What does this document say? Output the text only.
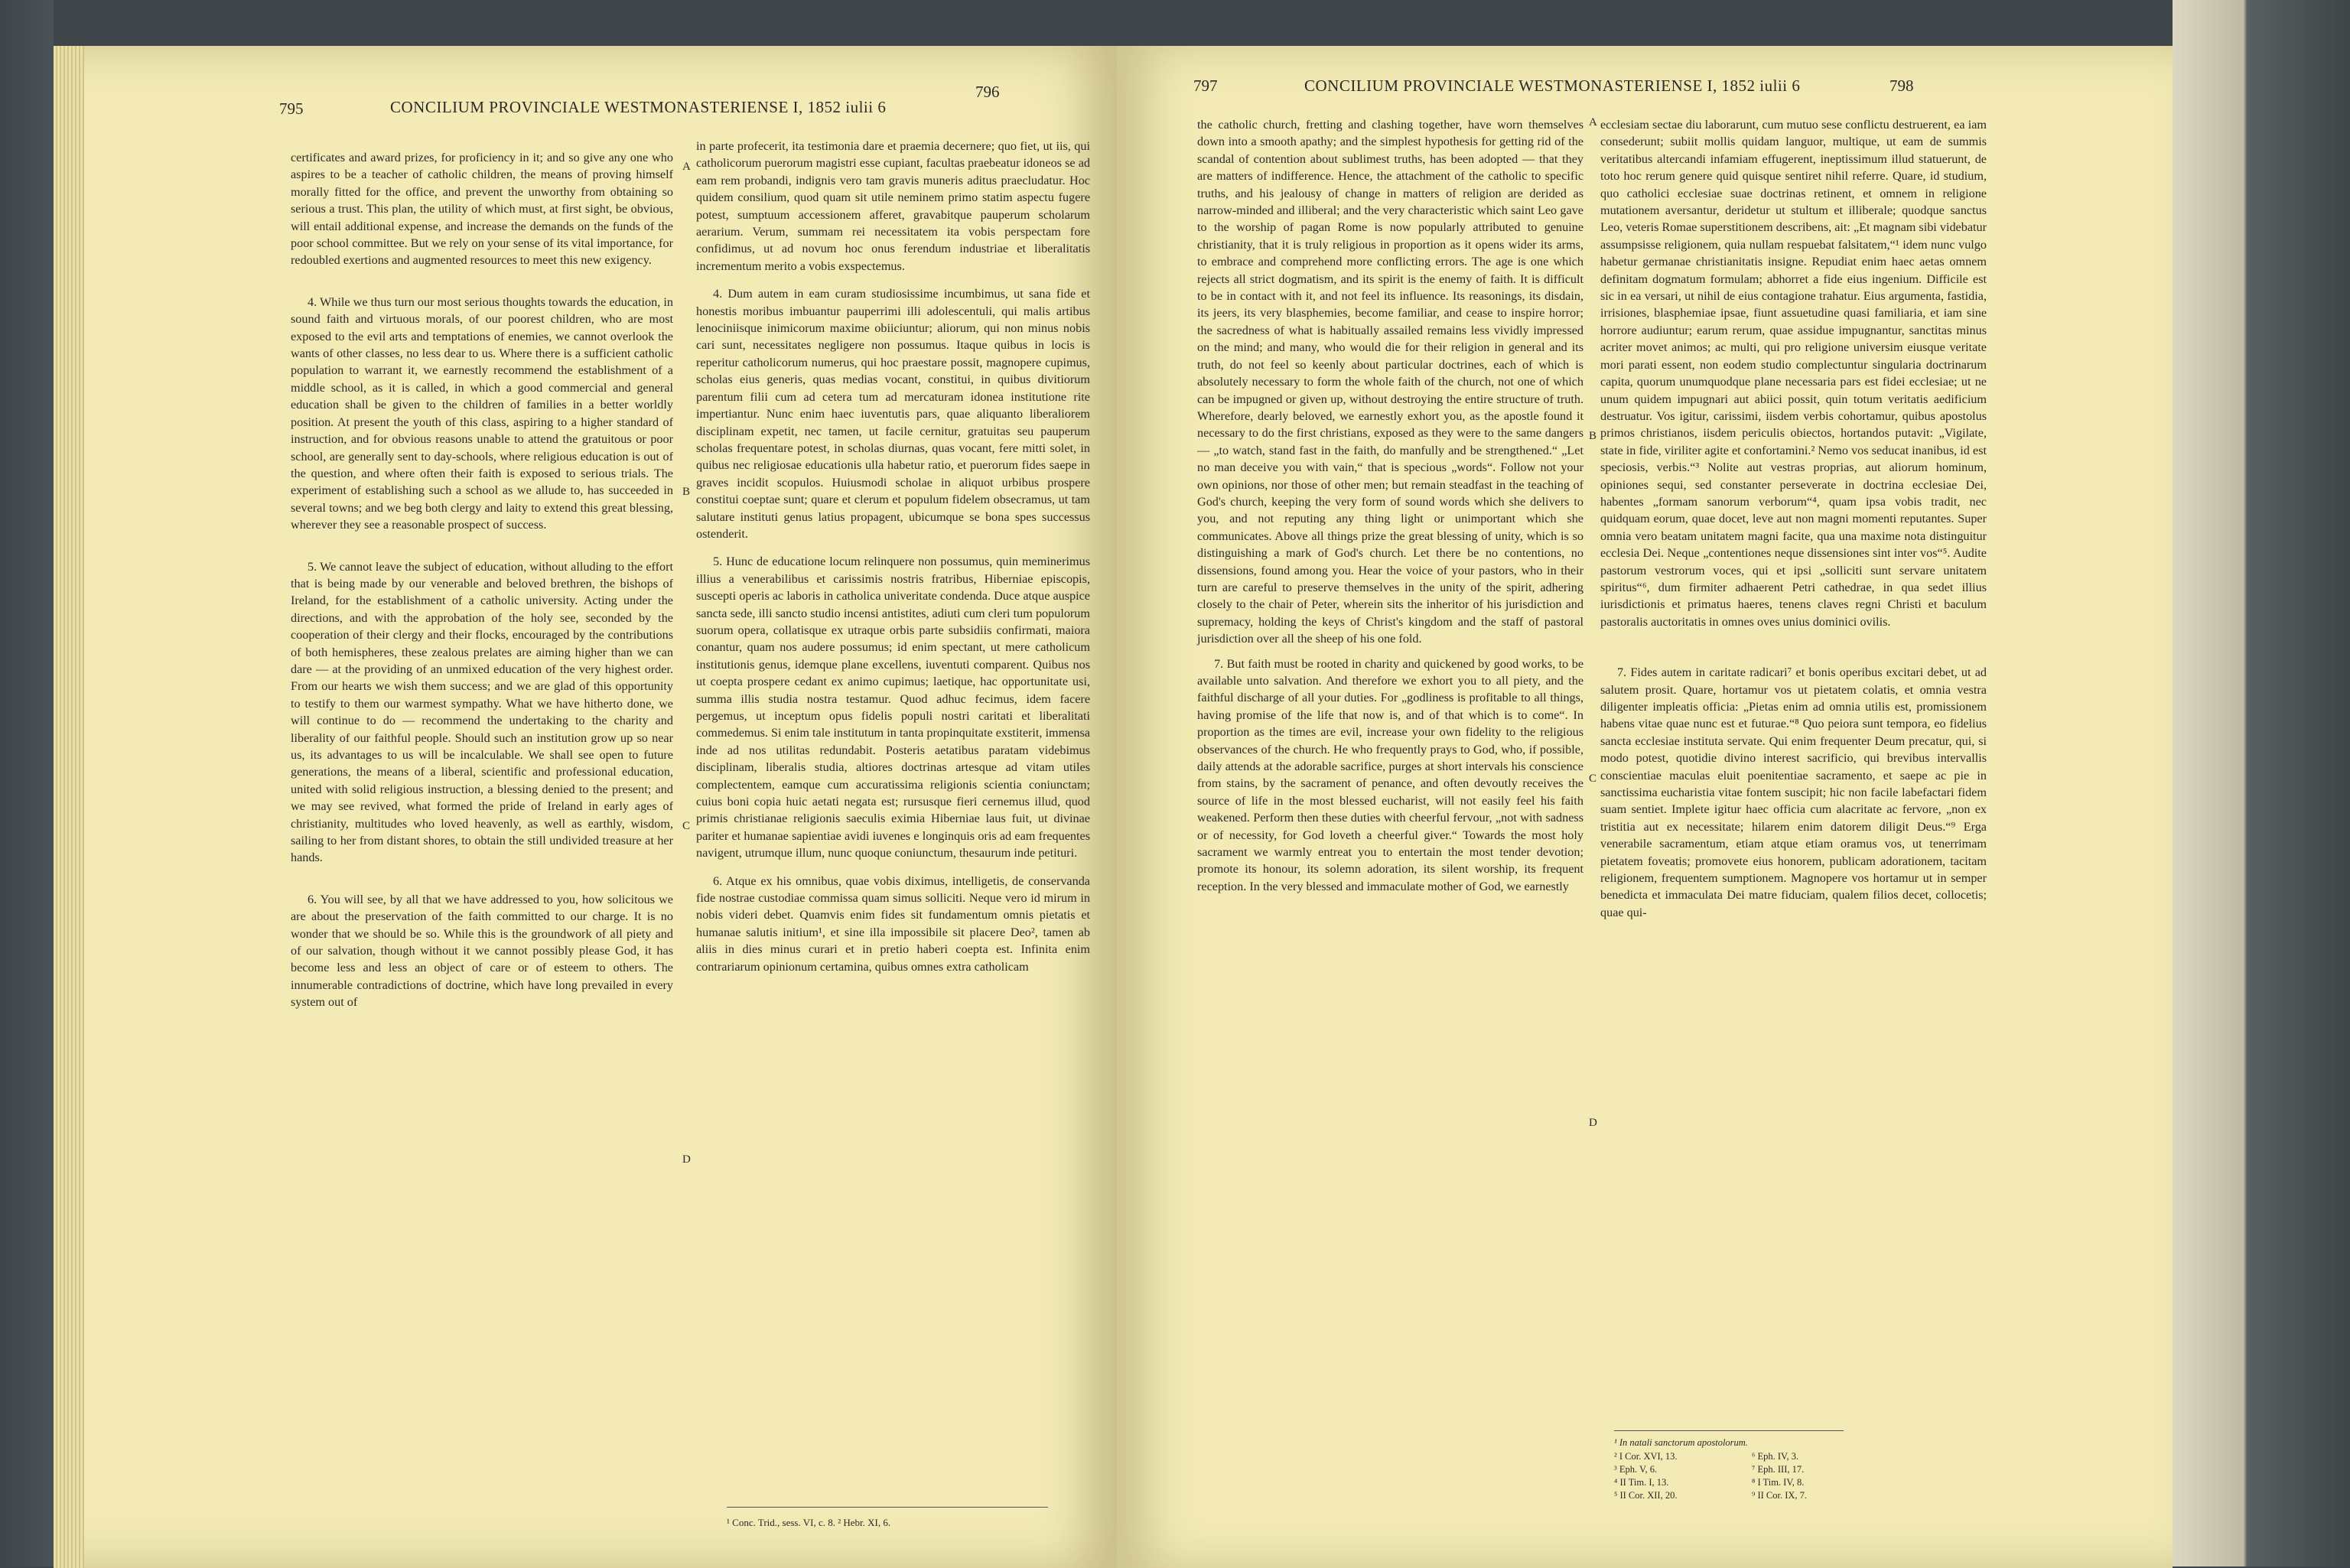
795	CONCILIUM PROVINCIALE WESTMONASTERIENSE I, 1852 iulii 6
796

certificates and award prizes, for proficiency in it; and so give any one who aspires to be a teacher of catholic children, the means of proving himself morally fitted for the office, and prevent the unworthy from obtaining so serious a trust. This plan, the utility of which must, at first sight, be obvious, will entail additional expense, and increase the demands on the funds of the poor school committee. But we rely on your sense of its vital importance, for redoubled exertions and augmented resources to meet this new exigency.

4. While we thus turn our most serious thoughts towards the education, in sound faith and virtuous morals, of our poorest children, who are most exposed to the evil arts and temptations of enemies, we cannot overlook the wants of other classes, no less dear to us. Where there is a sufficient catholic population to warrant it, we earnestly recommend the establishment of a middle school, as it is called, in which a good commercial and general education shall be given to the children of families in a better worldly position. At present the youth of this class, aspiring to a higher standard of instruction, and for obvious reasons unable to attend the gratuitous or poor school, are generally sent to day-schools, where religious education is out of the question, and where often their faith is exposed to serious trials. The experiment of establishing such a school as we allude to, has succeeded in several towns; and we beg both clergy and laity to extend this great blessing, wherever they see a reasonable prospect of success.

5. We cannot leave the subject of education, without alluding to the effort that is being made by our venerable and beloved brethren, the bishops of Ireland, for the establishment of a catholic university. Acting under the directions, and with the approbation of the holy see, seconded by the cooperation of their clergy and their flocks, encouraged by the contributions of both hemispheres, these zealous prelates are aiming higher than we can dare — at the providing of an unmixed education of the very highest order. From our hearts we wish them success; and we are glad of this opportunity to testify to them our warmest sympathy. What we have hitherto done, we will continue to do — recommend the undertaking to the charity and liberality of our faithful people. Should such an institution grow up so near us, its advantages to us will be incalculable. We shall see open to future generations, the means of a liberal, scientific and professional education, united with solid religious instruction, a blessing denied to the present; and we may see revived, what formed the pride of Ireland in early ages of christianity, multitudes who loved heavenly, as well as earthly, wisdom, sailing to her from distant shores, to obtain the still undivided treasure at her hands.

6. You will see, by all that we have addressed to you, how solicitous we are about the preservation of the faith committed to our charge. It is no wonder that we should be so. While this is the groundwork of all piety and of our salvation, though without it we cannot possibly please God, it has become less and less an object of care or of esteem to others. The innumerable contradictions of doctrine, which have long prevailed in every system out of

A
B
C
D

in parte profecerit, ita testimonia dare et praemia decernere; quo fiet, ut iis, qui catholicorum puerorum magistri esse cupiant, facultas praebeatur idoneos se ad eam rem probandi, indignis vero tam gravis muneris aditus praecludatur. Hoc quidem consilium, quod quam sit utile neminem primo statim aspectu fugere potest, sumptuum accessionem afferet, gravabitque pauperum scholarum aerarium. Verum, summam rei necessitatem ita vobis perspectam fore confidimus, ut ad novum hoc onus ferendum industriae et liberalitatis incrementum merito a vobis exspectemus.

4. Dum autem in eam curam studiosissime incumbimus, ut sana fide et honestis moribus imbuantur pauperrimi illi adolescentuli, qui malis artibus lenociniisque inimicorum maxime obiiciuntur; aliorum, qui non minus nobis cari sunt, necessitates negligere non possumus. Itaque quibus in locis is reperitur catholicorum numerus, qui hoc praestare possit, magnopere cupimus, scholas eius generis, quas medias vocant, constitui, in quibus divitiorum parentum filii cum ad cetera tum ad mercaturam idonea institutione rite impertiantur. Nunc enim haec iuventutis pars, quae aliquanto liberaliorem disciplinam expetit, nec tamen, ut facile cernitur, gratuitas seu pauperum scholas frequentare potest, in scholas diurnas, quas vocant, fere mitti solet, in quibus nec religiosae educationis ulla habetur ratio, et puerorum fides saepe in graves incidit scopulos. Huiusmodi scholae in aliquot urbibus prospere constitui coeptae sunt; quare et clerum et populum fidelem obsecramus, ut tam salutare instituti genus latius propagent, ubicumque se bona spes successus ostenderit.

5. Hunc de educatione locum relinquere non possumus, quin meminerimus illius a venerabilibus et carissimis nostris fratribus, Hiberniae episcopis, suscepti operis ac laboris in catholica univeritate condenda. Duce atque auspice sancta sede, illi sancto studio incensi antistites, adiuti cum cleri tum populorum suorum opera, collatisque ex utraque orbis parte subsidiis confirmati, maiora conantur, quam nos audere possumus; id enim spectant, ut mere catholicum institutionis genus, idemque plane excellens, iuventuti comparent. Quibus nos ut coepta prospere cedant ex animo cupimus; laetique, hac opportunitate usi, summa illis studia nostra testamur. Quod adhuc fecimus, idem facere pergemus, ut inceptum opus fidelis populi nostri caritati et liberalitati commedemus. Si enim tale institutum in tanta propinquitate exstiterit, immensa inde ad nos utilitas redundabit. Posteris aetatibus paratam videbimus disciplinam, liberalis studia, altiores doctrinas artesque ad vitam utiles complectentem, eamque cum accuratissima religionis scientia coniunctam; cuius boni copia huic aetati negata est; rursusque fieri cernemus illud, quod primis christianae religionis saeculis eximia Hiberniae laus fuit, ut divinae pariter et humanae sapientiae avidi iuvenes e longinquis oris ad eam frequentes navigent, utrumque illum, nunc quoque coniunctum, thesaurum inde petituri.

6. Atque ex his omnibus, quae vobis diximus, intelligetis, de conservanda fide nostrae custodiae commissa quam simus solliciti. Neque vero id mirum in nobis videri debet. Quamvis enim fides sit fundamentum omnis pietatis et humanae salutis initium¹, et sine illa impossibile sit placere Deo², tamen ab aliis in dies minus curari et in pretio haberi coepta est. Infinita enim contrariarum opinionum certamina, quibus omnes extra catholicam

¹ Conc. Trid., sess. VI, c. 8. ² Hebr. XI, 6.
797	CONCILIUM PROVINCIALE WESTMONASTERIENSE I, 1852 iulii 6	798

the catholic church, fretting and clashing together, have worn themselves down into a smooth apathy; and the simplest hypothesis for getting rid of the scandal of contention about sublimest truths, has been adopted — that they are matters of indifference. Hence, the attachment of the catholic to specific truths, and his jealousy of change in matters of religion are derided as narrow-minded and illiberal; and the very characteristic which saint Leo gave to the worship of pagan Rome is now popularly attributed to genuine christianity, that it is truly religious in proportion as it opens wider its arms, to embrace and comprehend more conflicting errors. The age is one which rejects all strict dogmatism, and its spirit is the enemy of faith. It is difficult to be in contact with it, and not feel its influence. Its reasonings, its disdain, its jeers, its very blasphemies, become familiar, and cease to inspire horror; the sacredness of what is habitually assailed remains less vividly impressed on the mind; and many, who would die for their religion in general and its truth, do not feel so keenly about particular doctrines, each of which is absolutely necessary to form the whole faith of the church, not one of which can be impugned or given up, without destroying the entire structure of truth. Wherefore, dearly beloved, we earnestly exhort you, as the apostle found it necessary to do the first christians, exposed as they were to the same dangers — „to watch, stand fast in the faith, do manfully and be strengthened.“ „Let no man deceive you with vain,“ that is specious „words“. Follow not your own opinions, nor those of other men; but remain steadfast in the teaching of God's church, keeping the very form of sound words which she delivers to you, and not reputing any thing light or unimportant which she communicates. Above all things prize the great blessing of unity, which is so distinguishing a mark of God's church. Let there be no contentions, no dissensions, found among you. Hear the voice of your pastors, who in their turn are careful to preserve themselves in the unity of the spirit, adhering closely to the chair of Peter, wherein sits the inheritor of his jurisdiction and supremacy, holding the keys of Christ's kingdom and the staff of pastoral jurisdiction over all the sheep of his one fold.

7. But faith must be rooted in charity and quickened by good works, to be available unto salvation. And therefore we exhort you to all piety, and the faithful discharge of all your duties. For „godliness is profitable to all things, having promise of the life that now is, and of that which is to come“. In proportion as the times are evil, increase your own fidelity to the religious observances of the church. He who frequently prays to God, who, if possible, daily attends at the adorable sacrifice, purges at short intervals his conscience from stains, by the sacrament of penance, and often devoutly receives the source of life in the most blessed eucharist, will not easily feel his faith weakened. Perform then these duties with cheerful fervour, „not with sadness or of necessity, for God loveth a cheerful giver.“ Towards the most holy sacrament we warmly entreat you to entertain the most tender devotion; promote its honour, its solemn adoration, its silent worship, its frequent reception. In the very blessed and immaculate mother of God, we earnestly

A
B
C
D

ecclesiam sectae diu laborarunt, cum mutuo sese conflictu destruerent, ea iam consederunt; subiit mollis quidam languor, multique, ut eam de summis veritatibus altercandi infamiam effugerent, ineptissimum illud statuerunt, de toto hoc rerum genere quid quisque sentiret nihil referre. Quare, id studium, quo catholici ecclesiae suae doctrinas retinent, et omnem in religione mutationem aversantur, deridetur ut stultum et illiberale; quodque sanctus Leo, veteris Romae superstitionem describens, ait: „Et magnam sibi videbatur assumpsisse religionem, quia nullam respuebat falsitatem,“¹ idem nunc vulgo habetur germanae christianitatis insigne. Repudiat enim haec aetas omnem definitam dogmatum formulam; abhorret a fide eius ingenium. Difficile est sic in ea versari, ut nihil de eius contagione trahatur. Eius argumenta, fastidia, irrisiones, blasphemiae ipsae, fiunt assuetudine quasi familiaria, et iam sine horrore audiuntur; earum rerum, quae assidue impugnantur, sanctitas minus acriter movet animos; ac multi, qui pro religione universim eiusque veritate mori parati essent, non eodem studio complectuntur singularia doctrinarum capita, quorum unumquodque plane necessaria pars est fidei ecclesiae; ut ne unum quidem impugnari aut abiici possit, quin totum veritatis aedificium destruatur. Vos igitur, carissimi, iisdem verbis cohortamur, quibus apostolus primos christianos, iisdem periculis obiectos, hortandos putavit: „Vigilate, state in fide, viriliter agite et confortamini.² Nemo vos seducat inanibus, id est speciosis, verbis.“³ Nolite aut vestras proprias, aut aliorum hominum, opiniones sequi, sed constanter perseverate in doctrina ecclesiae Dei, habentes „formam sanorum verborum“⁴, quam ipsa vobis tradit, nec quidquam eorum, quae docet, leve aut non magni momenti reputantes. Super omnia vero beatam unitatem magni facite, qua una maxime nota distinguitur ecclesia Dei. Neque „contentiones neque dissensiones sint inter vos“⁵. Audite pastorum vestrorum voces, qui et ipsi „solliciti sunt servare unitatem spiritus“⁶, dum firmiter adhaerent Petri cathedrae, in qua sedet illius iurisdictionis et primatus haeres, tenens claves regni Christi et baculum pastoralis auctoritatis in omnes oves unius dominici ovilis.

7. Fides autem in caritate radicari⁷ et bonis operibus excitari debet, ut ad salutem prosit. Quare, hortamur vos ut pietatem colatis, et omnia vestra diligenter impleatis officia: „Pietas enim ad omnia utilis est, promissionem habens vitae quae nunc est et futurae.“⁸ Quo peiora sunt tempora, eo fidelius sancta ecclesiae instituta servate. Qui enim frequenter Deum precatur, qui, si modo potest, quotidie divino interest sacrificio, qui brevibus intervallis conscientiae maculas eluit poenitentiae sacramento, et saepe ac pie in sanctissima eucharistia vitae fontem suscipit; hic non facile labefactari fidem suam sentiet. Implete igitur haec officia cum alacritate ac fervore, „non ex tristitia aut ex necessitate; hilarem enim datorem diligit Deus.“⁹ Erga venerabile sacramentum, etiam atque etiam oramus vos, ut tenerrimam pietatem foveatis; promovete eius honorem, publicam adorationem, tacitam religionem, frequentem sumptionem. Magnopere vos hortamur ut in semper benedicta et immaculata Dei matre fiduciam, qualem filios decet, collocetis; quae qui-

¹ In natali sanctorum apostolorum.
² I Cor. XVI, 13.
³ Eph. V, 6.
⁴ II Tim. I, 13.
⁵ II Cor. XII, 20.
⁶ Eph. IV, 3.
⁷ Eph. III, 17.
⁸ I Tim. IV, 8.
⁹ II Cor. IX, 7.
